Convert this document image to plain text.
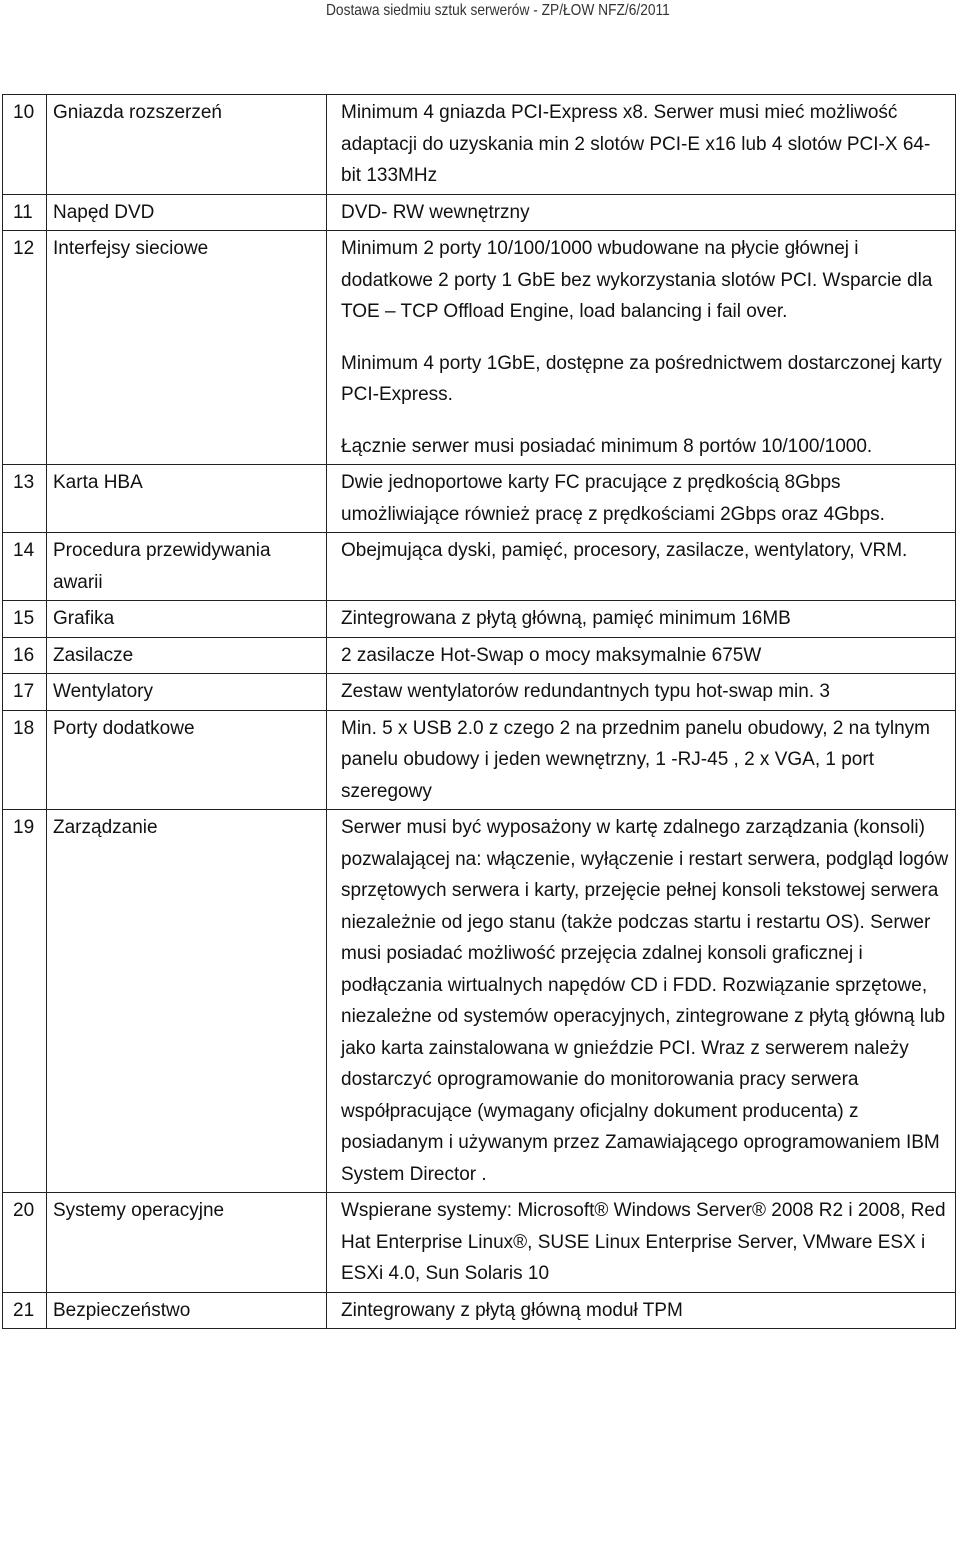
Dostawa siedmiu sztuk serwerów - ZP/ŁOW NFZ/6/2011
10	Gniazda rozszerzeń	Minimum 4 gniazda PCI-Express x8. Serwer musi mieć możliwość adaptacji do uzyskania min 2 slotów PCI-E x16 lub 4 slotów PCI-X 64-bit 133MHz

11	Napęd DVD	DVD- RW wewnętrzny

12	Interfejsy sieciowe	Minimum 2 porty 10/100/1000 wbudowane na płycie głównej i dodatkowe 2 porty 1 GbE bez wykorzystania slotów PCI. Wsparcie dla TOE – TCP Offload Engine, load balancing i fail over.

Minimum 4 porty 1GbE, dostępne za pośrednictwem dostarczonej karty PCI-Express.

Łącznie serwer musi posiadać minimum 8 portów 10/100/1000.

13	Karta HBA	Dwie jednoportowe karty FC pracujące z prędkością 8Gbps umożliwiające również pracę z prędkościami 2Gbps oraz 4Gbps.

14	Procedura przewidywania awarii	Obejmująca dyski, pamięć, procesory, zasilacze, wentylatory, VRM.

15	Grafika	Zintegrowana z płytą główną, pamięć minimum 16MB

16	Zasilacze	2 zasilacze Hot-Swap o mocy maksymalnie 675W

17	Wentylatory	Zestaw wentylatorów redundantnych typu hot-swap min. 3

18	Porty dodatkowe	Min. 5 x USB 2.0 z czego 2 na przednim panelu obudowy, 2 na tylnym panelu obudowy i jeden wewnętrzny, 1 -RJ-45 , 2 x VGA, 1 port szeregowy

19	Zarządzanie	Serwer musi być wyposażony w kartę zdalnego zarządzania (konsoli) pozwalającej na: włączenie, wyłączenie i restart serwera, podgląd logów sprzętowych serwera i karty, przejęcie pełnej konsoli tekstowej serwera niezależnie od jego stanu (także podczas startu i restartu OS). Serwer musi posiadać możliwość przejęcia zdalnej konsoli graficznej i podłączania wirtualnych napędów CD i FDD. Rozwiązanie sprzętowe, niezależne od systemów operacyjnych, zintegrowane z płytą główną lub jako karta zainstalowana w gnieździe PCI. Wraz z serwerem należy dostarczyć oprogramowanie do monitorowania pracy serwera współpracujące (wymagany oficjalny dokument producenta) z posiadanym i używanym przez Zamawiającego oprogramowaniem IBM System Director .

20	Systemy operacyjne	Wspierane systemy: Microsoft® Windows Server® 2008 R2 i 2008, Red Hat Enterprise Linux®, SUSE Linux Enterprise Server, VMware ESX i ESXi 4.0, Sun Solaris 10

21	Bezpieczeństwo	Zintegrowany z płytą główną moduł TPM
